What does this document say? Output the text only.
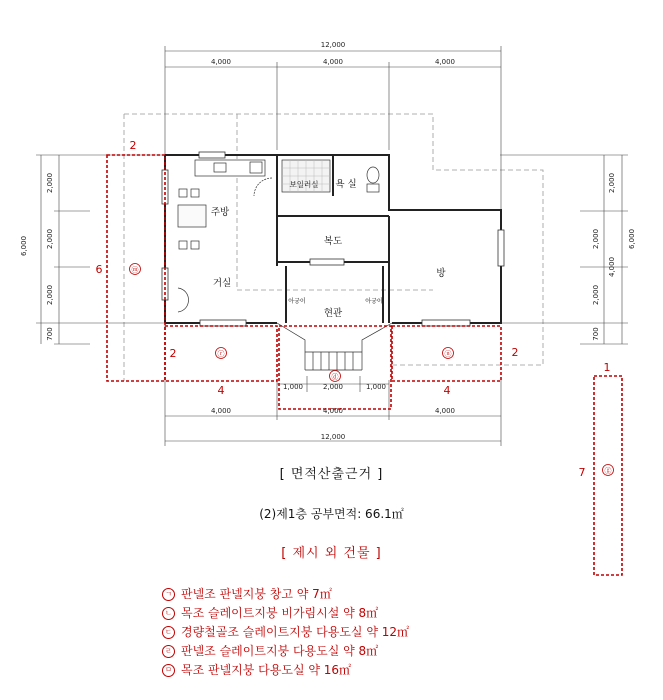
12,000
4,000	4,000	4,000
4,000	4,000	4,000
12,000
1,000	2,000	1,000
6,000
2,000
2,000
2,000
700
2,000
2,000
2,000
4,000
6,000
700
주방
거실
보일러실 욕 실
복도
방
현관
아궁이	아궁이
ⓜ
6
2
ⓡ
2
4
ⓝ	2
4
ⓓ
ⓖ
1
7
[ 면적산출근거 ]
(2)제1층 공부면적: 66.1㎡
[ 제시 외 건물 ]
ㄱ 판넬조 판넬지붕 창고 약 7㎡
ㄴ 목조 슬레이트지붕 비가림시설 약 8㎡
ㄷ 경량철골조 슬레이트지붕 다용도실 약 12㎡
ㄹ 판넬조 슬레이트지붕 다용도실 약 8㎡
ㅁ 목조 판넬지붕 다용도실 약 16㎡
